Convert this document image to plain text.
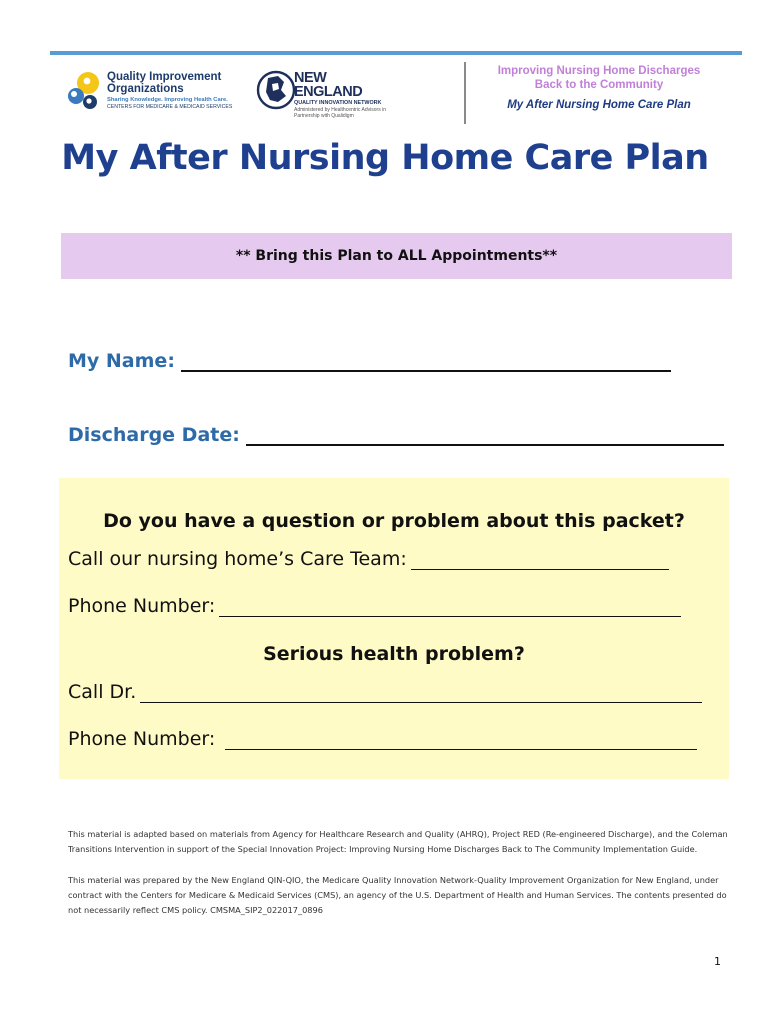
Quality Improvement Organizations
Sharing Knowledge. Improving Health Care.
CENTERS FOR MEDICARE & MEDICAID SERVICES
NEW ENGLAND
QUALITY INNOVATION NETWORK
Administered by Healthcentric Advisors in Partnership with Qualidigm
Improving Nursing Home Discharges
Back to the Community
My After Nursing Home Care Plan
My After Nursing Home Care Plan
** Bring this Plan to ALL Appointments**
My Name:
Discharge Date:
Do you have a question or problem about this packet?
Call our nursing home’s Care Team:
Phone Number:
Serious health problem?
Call Dr.
Phone Number:
This material is adapted based on materials from Agency for Healthcare Research and Quality (AHRQ), Project RED (Re-engineered Discharge), and the Coleman Transitions Intervention in support of the Special Innovation Project: Improving Nursing Home Discharges Back to The Community Implementation Guide.
This material was prepared by the New England QIN-QIO, the Medicare Quality Innovation Network-Quality Improvement Organization for New England, under contract with the Centers for Medicare & Medicaid Services (CMS), an agency of the U.S. Department of Health and Human Services. The contents presented do not necessarily reflect CMS policy. CMSMA_SIP2_022017_0896
1
